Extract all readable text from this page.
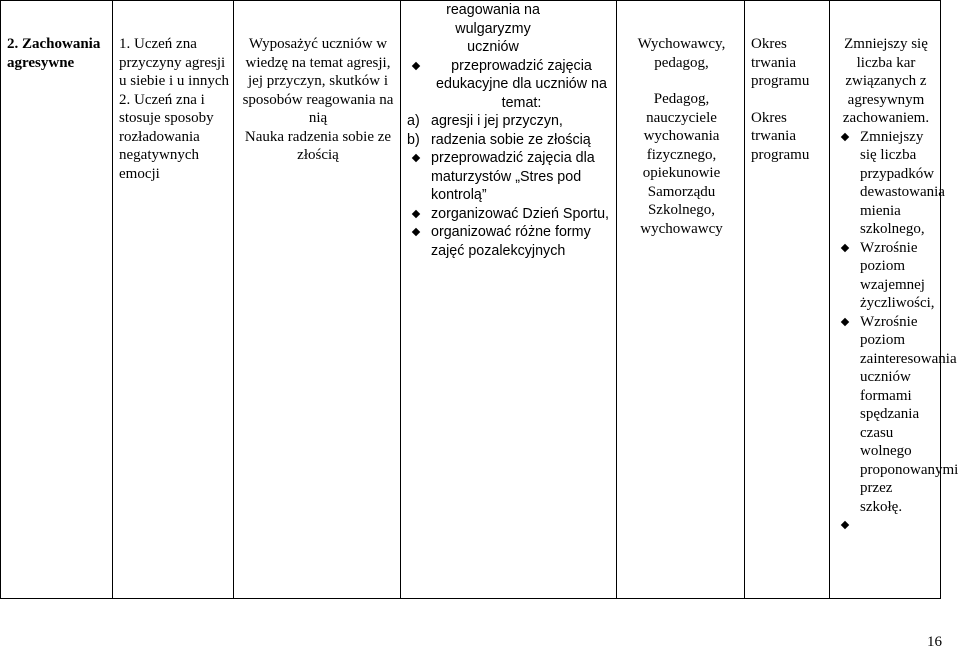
2. Zachowania agresywne	
1. Uczeń zna przyczyny agresji u siebie i u innych
2. Uczeń zna i stosuje sposoby rozładowania negatywnych emocji

Wyposażyć uczniów w wiedzę na temat agresji, jej przyczyn, skutków i sposobów reagowania na nią
Nauka radzenia sobie ze złością

reagowania na wulgaryzmy uczniów
przeprowadzić zajęcia edukacyjne dla uczniów na temat:
a) agresji i jej przyczyn,
b) radzenia sobie ze złością
przeprowadzić zajęcia dla maturzystów „Stres pod kontrolą”
zorganizować Dzień Sportu,
organizować różne formy zajęć pozalekcyjnych

Wychowawcy, pedagog,
Pedagog, nauczyciele wychowania fizycznego, opiekunowie Samorządu Szkolnego, wychowawcy

Okres trwania programu
Okres trwania programu

Zmniejszy się liczba kar związanych z agresywnym zachowaniem.
Zmniejszy się liczba przypadków dewastowania mienia szkolnego,
Wzrośnie poziom wzajemnej życzliwości,
Wzrośnie poziom zainteresowania uczniów formami spędzania czasu wolnego proponowanymi przez szkołę.
16
